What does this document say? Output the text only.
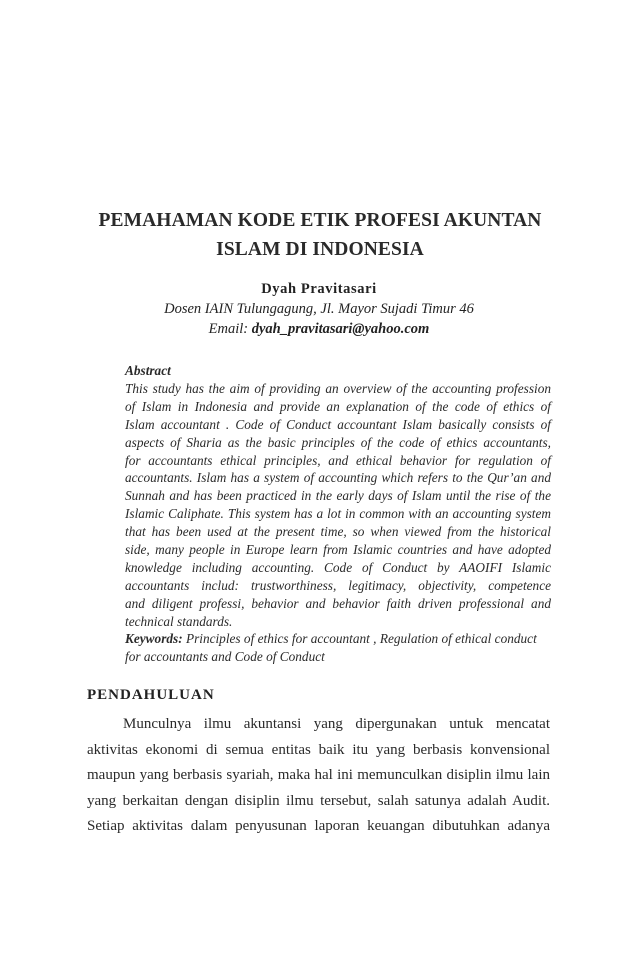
PEMAHAMAN KODE ETIK PROFESI AKUNTAN
ISLAM DI INDONESIA
Dyah Pravitasari
Dosen IAIN Tulungagung, Jl. Mayor Sujadi Timur 46
Email: dyah_pravitasari@yahoo.com
Abstract
This study has the aim of providing an overview of the accounting profession
of Islam in Indonesia and provide an explanation of the code of ethics of
Islam accountant . Code of Conduct accountant Islam basically consists of
aspects of Sharia as the basic principles of the code of ethics accountants,
for accountants ethical principles, and ethical behavior for regulation of
accountants. Islam has a system of accounting which refers to the Qur’an and
Sunnah and has been practiced in the early days of Islam until the rise of the
Islamic Caliphate. This system has a lot in common with an accounting system
that has been used at the present time, so when viewed from the historical
side, many people in Europe learn from Islamic countries and have adopted
knowledge including accounting. Code of Conduct by AAOIFI Islamic
accountants includ: trustworthiness, legitimacy, objectivity, competence
and diligent professi, behavior and behavior faith driven professional and
technical standards.
Keywords: Principles of ethics for accountant , Regulation of ethical conduct
for accountants and Code of Conduct
PENDAHULUAN
Munculnya ilmu akuntansi yang dipergunakan untuk mencatat
aktivitas ekonomi di semua entitas baik itu yang berbasis konvensional
maupun yang berbasis syariah, maka hal ini memunculkan disiplin ilmu lain
yang berkaitan dengan disiplin ilmu tersebut, salah satunya adalah Audit.
Setiap aktivitas dalam penyusunan laporan keuangan dibutuhkan adanya
